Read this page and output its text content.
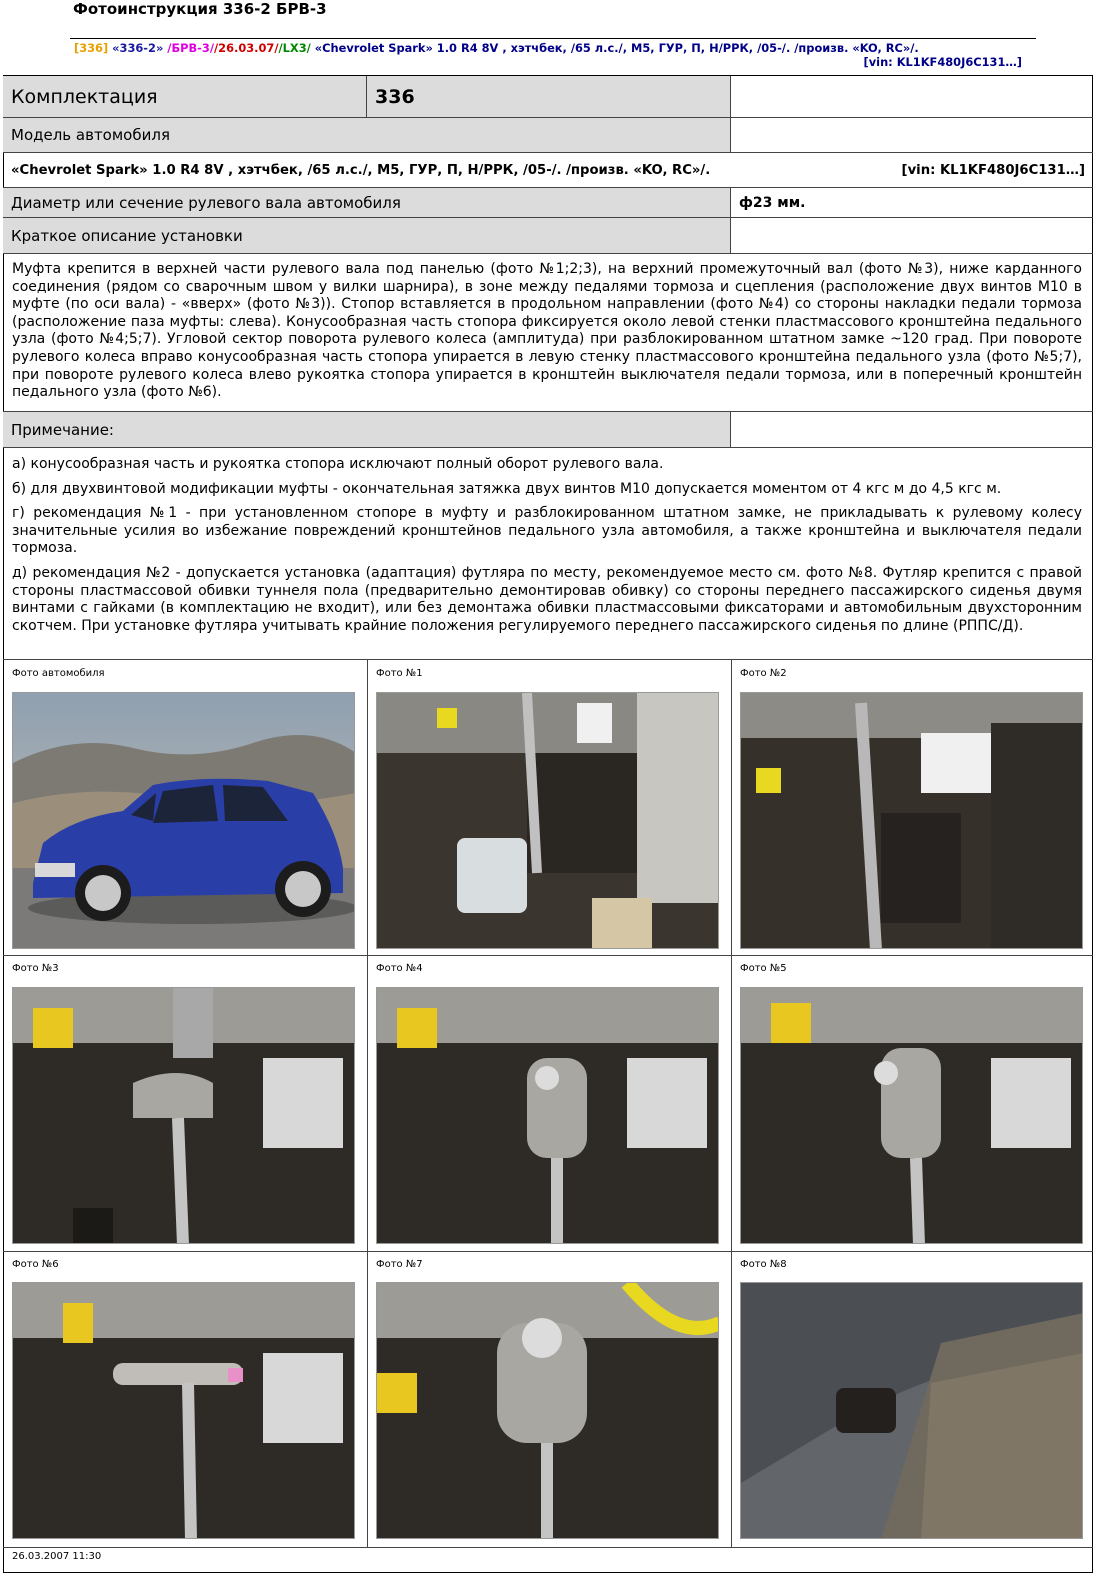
Фотоинструкция 336-2 БРВ-3
[336] «336-2» /БРВ-3//26.03.07//LX3/ «Chevrolet Spark» 1.0 R4 8V , хэтчбек, /65 л.с./, M5, ГУР, П, Н/РРК, /05-/. /произв. «KO, RC»/.
[vin: KL1KF480J6C131…]
Комплектация	336
Модель автомобиля
«Chevrolet Spark» 1.0 R4 8V , хэтчбек, /65 л.с./, M5, ГУР, П, Н/РРК, /05-/. /произв. «KO, RC»/.	[vin: KL1KF480J6C131…]
Диаметр или сечение рулевого вала автомобиля	ф23 мм.
Краткое описание установки
Муфта крепится в верхней части рулевого вала под панелью (фото №1;2;3), на верхний промежуточный вал (фото №3), ниже карданного соединения (рядом со сварочным швом у вилки шарнира), в зоне между педалями тормоза и сцепления (расположение двух винтов М10 в муфте (по оси вала) - «вверх» (фото №3)). Стопор вставляется в продольном направлении (фото №4) со стороны накладки педали тормоза (расположение паза муфты: слева). Конусообразная часть стопора фиксируется около левой стенки пластмассового кронштейна педального узла (фото №4;5;7). Угловой сектор поворота рулевого колеса (амплитуда) при разблокированном штатном замке ~120 град. При повороте рулевого колеса вправо конусообразная часть стопора упирается в левую стенку пластмассового кронштейна педального узла (фото №5;7), при повороте рулевого колеса влево рукоятка стопора упирается в кронштейн выключателя педали тормоза, или в поперечный кронштейн педального узла (фото №6).
Примечание:

а) конусообразная часть и рукоятка стопора исключают полный оборот рулевого вала.

б) для двухвинтовой модификации муфты - окончательная затяжка двух винтов М10 допускается моментом от 4 кгс м до 4,5 кгс м.

г) рекомендация №1 - при установленном стопоре в муфту и разблокированном штатном замке, не прикладывать к рулевому колесу значительные усилия во избежание повреждений кронштейнов педального узла автомобиля, а также кронштейна и выключателя педали тормоза.

д) рекомендация №2 - допускается установка (адаптация) футляра по месту, рекомендуемое место см. фото №8. Футляр крепится с правой стороны пластмассовой обивки туннеля пола (предварительно демонтировав обивку) со стороны переднего пассажирского сиденья двумя винтами с гайками (в комплектацию не входит), или без демонтажа обивки пластмассовыми фиксаторами и автомобильным двухсторонним скотчем. При установке футляра учитывать крайние положения регулируемого переднего пассажирского сиденья по длине (РППС/Д).

Фото автомобиля	Фото №1	Фото №2
Фото №3	Фото №4	Фото №5
Фото №6	Фото №7	Фото №8
26.03.2007 11:30
